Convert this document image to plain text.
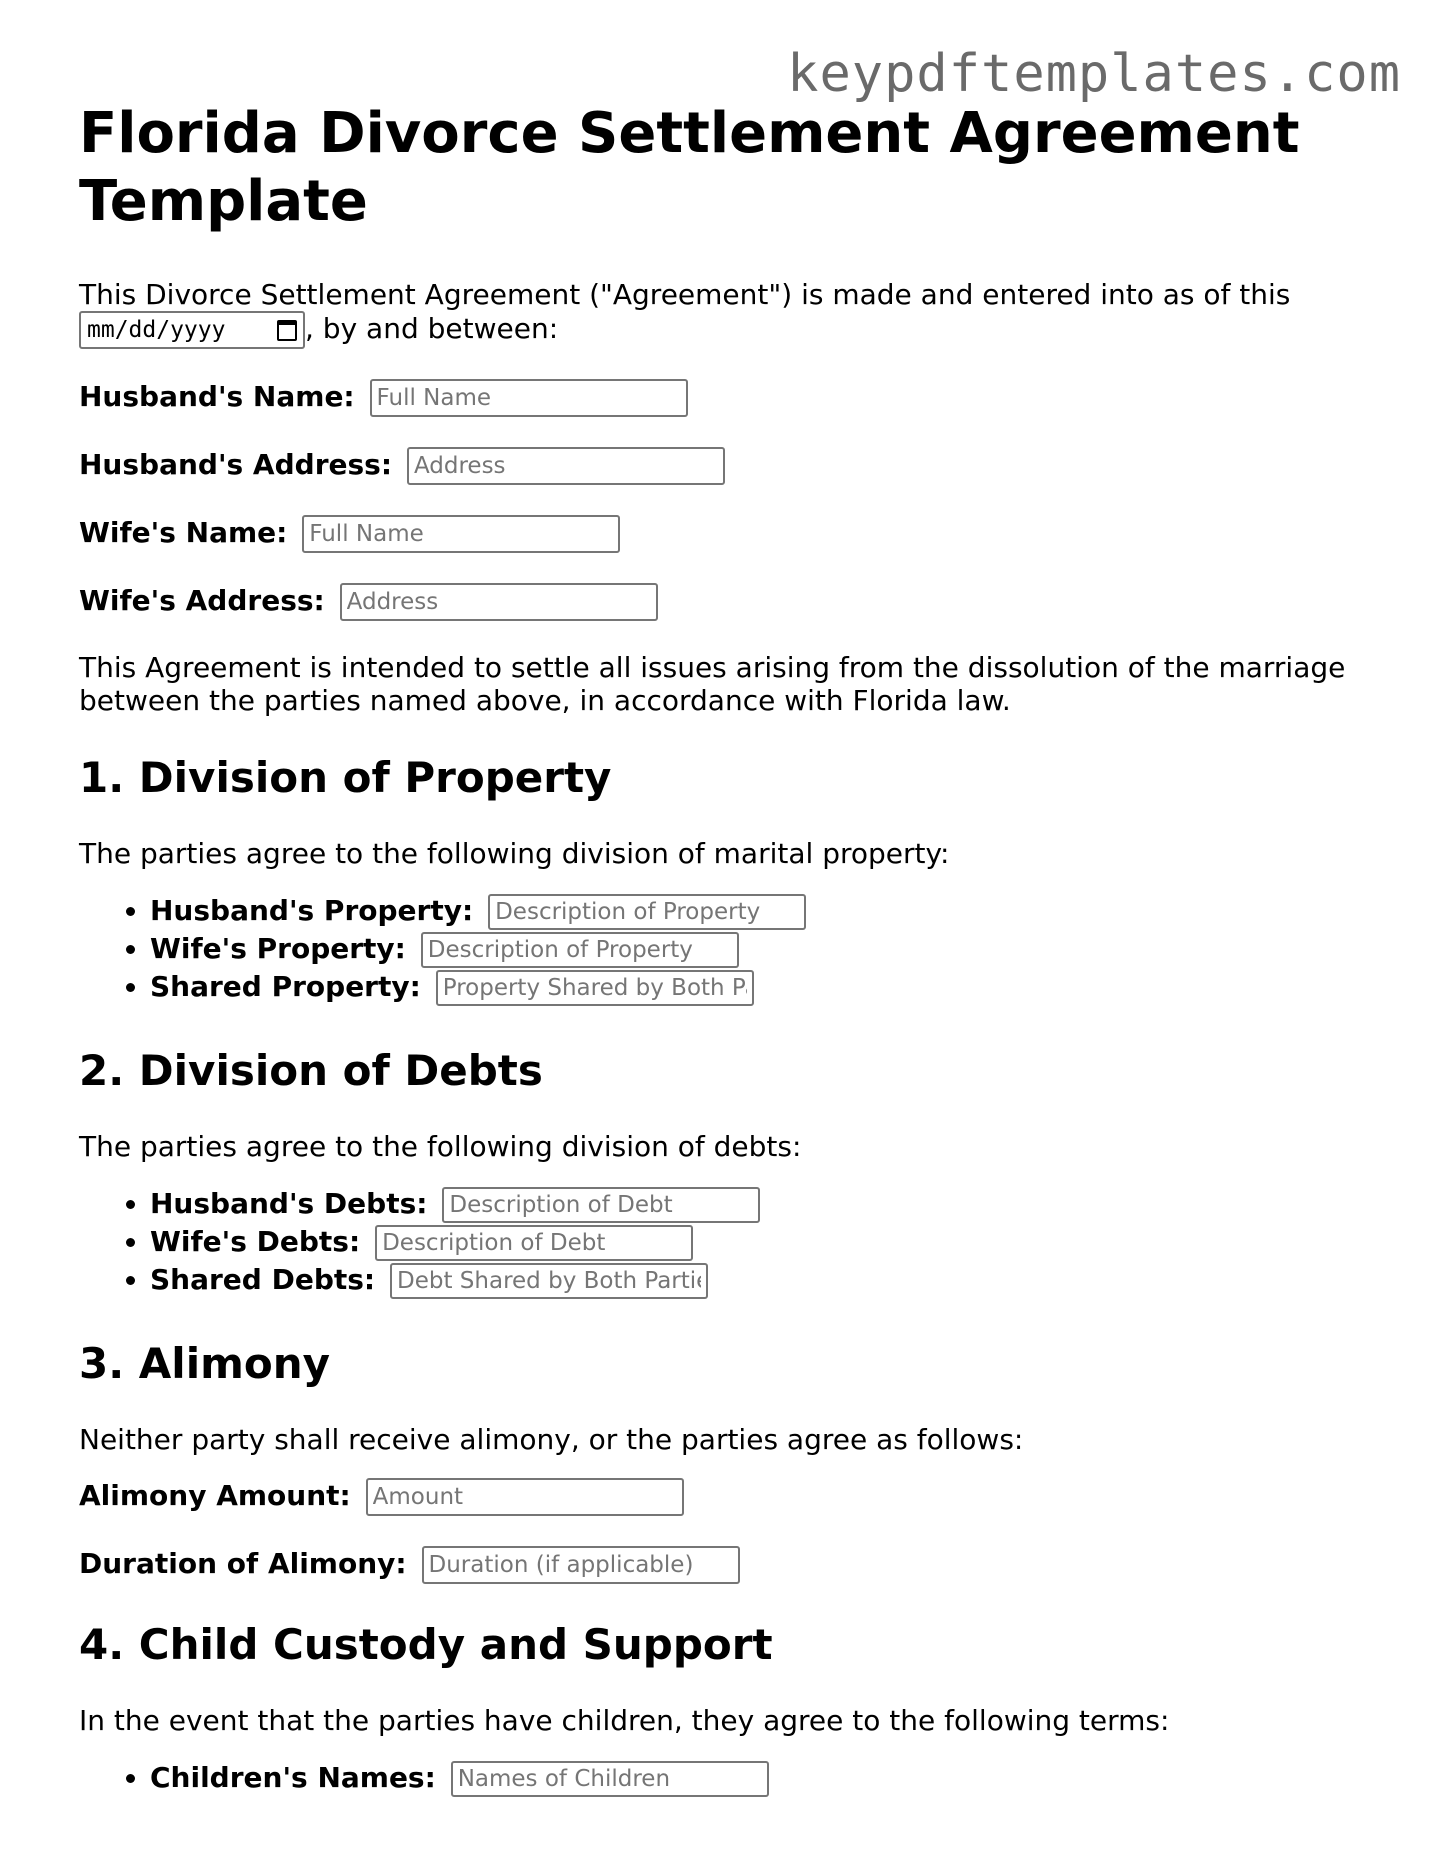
keypdftemplates.com
Florida Divorce Settlement Agreement Template

This Divorce Settlement Agreement ("Agreement") is made and entered into as of this
mm/dd/yyyy	, by and between:

Husband's Name: Full Name
Husband's Address: Address
Wife's Name: Full Name
Wife's Address: Address

This Agreement is intended to settle all issues arising from the dissolution of the marriage between the parties named above, in accordance with Florida law.

1. Division of Property

The parties agree to the following division of marital property:

• Husband's Property: Description of Property
• Wife's Property: Description of Property
• Shared Property: Property Shared by Both Parties
2. Division of Debts

The parties agree to the following division of debts:

• Husband's Debts: Description of Debt
• Wife's Debts: Description of Debt
• Shared Debts: Debt Shared by Both Parties
3. Alimony

Neither party shall receive alimony, or the parties agree as follows:

Alimony Amount: Amount
Duration of Alimony: Duration (if applicable)
4. Child Custody and Support

In the event that the parties have children, they agree to the following terms:

• Children's Names: Names of Children
